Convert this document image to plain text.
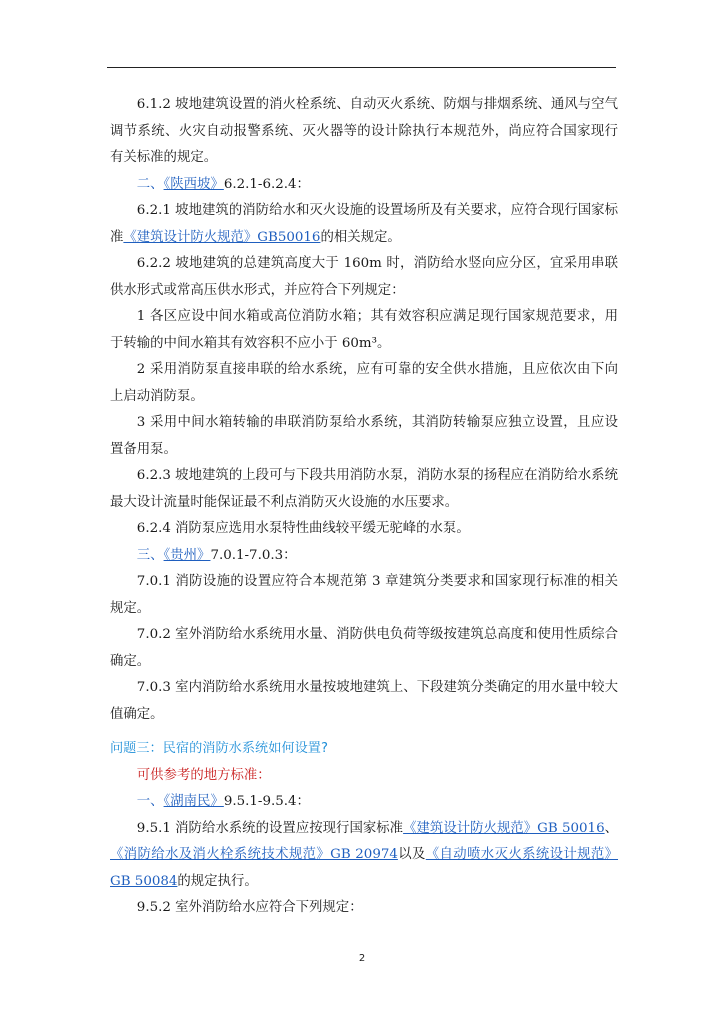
6.1.2 坡地建筑设置的消火栓系统、自动灭火系统、防烟与排烟系统、通风与空气调节系统、火灾自动报警系统、灭火器等的设计除执行本规范外，尚应符合国家现行有关标准的规定。

二、《陕西坡》6.2.1-6.2.4：

6.2.1 坡地建筑的消防给水和灭火设施的设置场所及有关要求，应符合现行国家标准《建筑设计防火规范》GB50016的相关规定。

6.2.2 坡地建筑的总建筑高度大于 160m 时，消防给水竖向应分区，宜采用串联供水形式或常高压供水形式，并应符合下列规定：

1 各区应设中间水箱或高位消防水箱；其有效容积应满足现行国家规范要求，用于转输的中间水箱其有效容积不应小于 60m³。

2 采用消防泵直接串联的给水系统，应有可靠的安全供水措施，且应依次由下向上启动消防泵。

3 采用中间水箱转输的串联消防泵给水系统，其消防转输泵应独立设置，且应设置备用泵。

6.2.3 坡地建筑的上段可与下段共用消防水泵，消防水泵的扬程应在消防给水系统最大设计流量时能保证最不利点消防灭火设施的水压要求。

6.2.4 消防泵应选用水泵特性曲线较平缓无驼峰的水泵。

三、《贵州》7.0.1-7.0.3：

7.0.1 消防设施的设置应符合本规范第 3 章建筑分类要求和国家现行标准的相关规定。

7.0.2 室外消防给水系统用水量、消防供电负荷等级按建筑总高度和使用性质综合确定。

7.0.3 室内消防给水系统用水量按坡地建筑上、下段建筑分类确定的用水量中较大值确定。

问题三：民宿的消防水系统如何设置?

可供参考的地方标准：

一、《湖南民》9.5.1-9.5.4：

9.5.1 消防给水系统的设置应按现行国家标准《建筑设计防火规范》GB 50016、《消防给水及消火栓系统技术规范》GB 20974以及《自动喷水灭火系统设计规范》GB 50084的规定执行。

9.5.2 室外消防给水应符合下列规定：

2
